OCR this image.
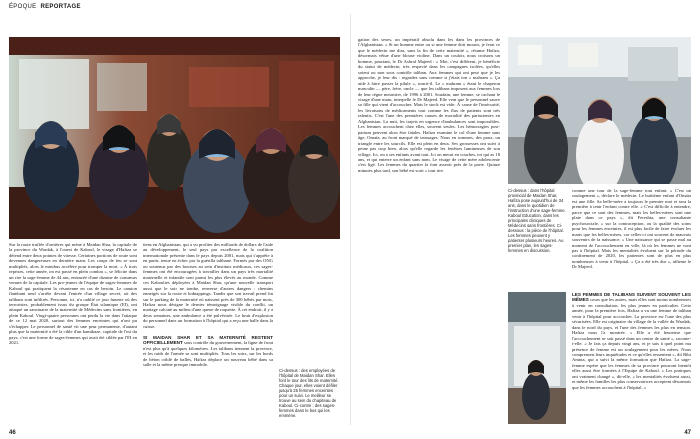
ÉPOQUE REPORTAGE
Sur la route truffée d'ornières qui mène à Maidan Shar, la capitale de la province du Wardak, à l'ouest de Kaboul, le visage d'Hafiza se détend entre deux pointes de vitesse. Certaines portions de route sont devenues dangereuses en dernière main. Les coups de feu se sont multipliés, alors le minibus accélère pour tromper la mort. « À trois reprises, cette année, on est passé en plein combat », se félicite dans un rire la sage-femme de 44 ans, entourée d'une dizaine de consœurs venues de la capitale. Les pro-jeunes de l'équipe de sages-femmes de Kaboul qui pratiquent la césarienne en cas de besoin. Le camion flambant neuf s'arrête devant l'entrée d'un village secret, où des talibans sont infiltrés. Personne, ici, n'a oublié ce jour funeste où des terroristes, probablement issus du groupe État islamique (EI), ont attaqué un sanctuaire de la maternité de Médecins sans frontières, en plein Kaboul. Vingt-quatre personnes ont perdu la vie dans l'attaque de ce 12 mai 2020, surtout des femmes enceintes qui n'ont pu s'échapper. Le personnel de santé vit une peur permanente, d'autant plus que la maternité a été la cible d'un kamikaze, capitale de l'est du pays, c'est une forme de sages-femmes qui avait été ciblée par l'EI en 2021.
tiens en Afghanistan, qui a vu profiter des milliards de dollars de l'aide au développement, le seul pays par excellence de la coalition internationale présente dans le pays depuis 2001, mais qui s'apprête à en partir, tenue en échec par la guérilla talibane. Formés par des ONG ou soutenus par des bourses au sein d'instituts médicaux, ces sages-femmes ont été encouragées à travailler dans un pays très mortalité maternelle et infantile sont parmi les plus élevés au monde. Comme ces Kaboulies déployées à Maidan Shar, qu'une nouvelle transport aussi que le soir ne tombe, renverse d'autres dangers : chemins enneigés sur la route et kidnappings. Tandis que son travail prend fin sur le parking de la maternité où naissent près de 300 bébés par mois, Hafiza nous désigne le dernier témoignage visible du conflit, un mariage calciné au milieu d'une queue de roquette. À cet endroit, il y a deux semaines, une ambulance a été pulvérisée. Le bruit d'explosion du personnel dans un formation à l'hôpital qui a reçu une balle dans la cuisse.

SI MAIDAN SHAR ET SA MATERNITÉ RESTENT OFFICIELLEMENT sous contrôle du gouvernement, la ligne de front n'est plus qu'à quelques kilomètres. Les talibans tiennent la province, et les raids de l'armée se sont multipliés. Tous les soirs, sur les bords de béton criblé de balles, Hafiza déplace un nouveau bébé dans sa salle et la même presque immobile.
Ci-dessus : des employées de l'hôpital de Maidan Shar. Elles font le tour des lits de maternité. Chaque jour, elles voient défiler jusqu'à 25 femmes enceintes pour un suivi. Le meilleur se trouve au sein du chapiteau de Kaboul. Ci-contre : des sages-femmes dans le bus qui les emmène.
46
gation des sexes, un impératif absolu dans les dans les provinces de l'Afghanistan. « Si un homme entre ou si une femme doit mourir, je ferai ce que le médecin me dira, sans la fin de cette maternité », résume Hafiza, désormais vêtue d'une blouse violine. Dans un couloir, nous croisons un homme, pourtant, le Dr Ashraf Majeed : « Moi, c'est différent, je bénéficie du statut de médecin, très respecté dans les campagnes isolées, qu'elles soient ou non sous contrôle taliban. Aux femmes qui ont peur que je les approche, je leur dis : regardez sans comme si j'étais ton « mahram ». Ça aide à faire passer la pilule », sourit-il. Le « mahram » étant le chaperon masculin — père, frère, oncle — que les talibans imposent aux femmes lors de leur règne meurtrier, de 1996 à 2001. Soudain, une femme, se cachant le visage d'une main, interpelle le Dr Majeed. Elle veut que le personnel sauve sa fille qui vient d'accoucher. Mais le stock est vide. À cause de l'insécurité, les livraisons de médicaments tout comme les flux de patients sont très ralentis. C'est l'une des premières causes de mortalité des parturientes en Afghanistan. La nuit, les trajets en urgence d'ambulances sont impossibles. Les femmes accouchent chez elles, souvent seules. Les hémorragies post-partum peuvent alors être fatales. Hafiza examine le col d'une femme sans âge, Omaïa, au front marqué de tatouages. Nous en sommes, des poux, un triangle entre les sourcils. Elle est plein en deux. Ses grossesses ont suivi à peine pas trop bien, alors qu'elle regarde les fenêtres lumineuses de son village. Ici, on a ses enfants avant tout. Ici on meurt en couches, toi qui as 18 ans, et qui enterre un enfant sans nom. Le visage de cette mère adolescente s'est figé. Les femmes du quartier la font asseoir près de la porte. Quinze minutes plus tard, son bébé est sorti « tout rire.
Ci-dessus : dans l'hôpital provincial de Maidan Shar, Hafiza pose aujourd'hui de 34 ans, dans le quotidien de l'instruction d'une sage-femme. Kaboul Education, dans les principales cliniques de Médecins sans frontières. Ci-dessous : la pièce de l'hôpital. Les femmes peuvent y patienter plusieurs heures. Au premier plan, les sages-femmes en discussion.
comme une tour de la sage-femme tout enfant. « C'est un soulagement », déclare le médecin. Le huitième enfant d'Omaïa est une fille. Sa belle-mère a toujours le premier mot et sera la première à tenir l'enfant contre elle. « C'est difficile à entendre, parce que ce sont des femmes, mais les belles-mères sont une plaie dans ce pays », dit Fereshta, une consultante psychosociale, « sur la contraception, ou la qualité des soins pour les femmes enceintes, il est plus facile de faire évoluer les maris que les belles-mères, car celles-ci ont souvent de mauvais souvenirs de la naissance. » Une naissance qui se passe mal au moment de l'accouchement en ville, là où les femmes ne vont pas à l'hôpital. Mais les mentalités évoluent sur la période du confinement de 2020, les patientes sont de plus en plus nombreuses à venir à l'hôpital. « Ça a été très dur », affirme le Dr Majeed.
LES FEMMES DE TALIBANS SUIVENT SOUVENT LES MÊMES cours que les autres, mais elles sont moins nombreuses à venir en consultation, les plus jeunes en particulier. Cette année, pour la première fois, Hafiza a vu une femme de taliban venir à l'hôpital pour accoucher. La province est l'une des plus sécurisées. Elle est originaire du village de la vallée du Wardak, dans le nord du pays, et l'une des femmes les plus en tension. Hafiza nous l'a montrée. « Elle a été heureuse que l'accouchement se soit passé dans un centre de santé », raconte-t-elle. « Je fais ça depuis vingt ans, et je sais à quel point ma présence de femme est un soulagement pour les mères. Nous comprenons leurs inquiétudes et ce qu'elles ressentent », dit Bibi Amina, qui a suivi la même formation que Hafiza. La sage-femme espère que les femmes de sa province pourront bientôt elles aussi être formées à l'Equipe de Kaboul. « Les pratiques ont vraiment changé », dit-elle, « les mentalités évoluent aussi, et même les familles les plus conservatrices acceptent désormais que les femmes accouchent à l'hôpital. »
47
